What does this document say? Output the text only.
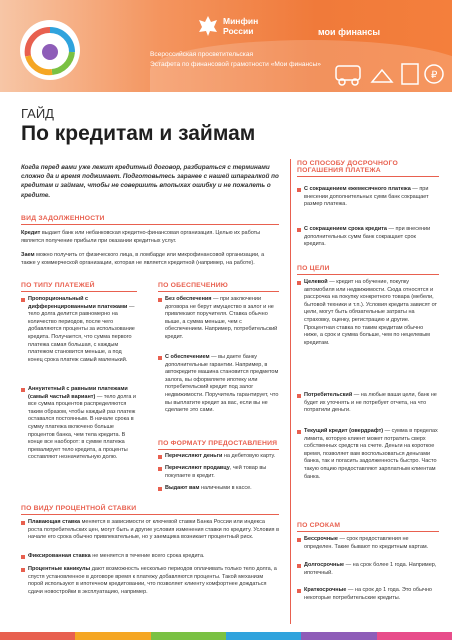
Минфин
России	мои финансы
Всероссийская просветительская
Эстафета по финансовой грамотности «Мои финансы»
₽
ГАЙД
По кредитам и займам
Когда перед вами уже лежит кредитный договор, разбираться с терминами сложно да и время поджимает. Подготовьтесь заранее с нашей шпаргалкой по кредитам и займам, чтобы не совершить впопыхах ошибку и не пожалеть о кредите.
ВИД ЗАДОЛЖЕННОСТИ
Кредит выдает банк или небанковская кредитно-финансовая организация. Целью их работы является получение прибыли при оказании кредитных услуг.
Заем можно получить от физического лица, в ломбарде или микрофинансовой организации, а также у коммерческой организации, которая не является кредитной (например, на работе).
ПО ТИПУ ПЛАТЕЖЕЙ
Пропорциональный с дифференцированными платежами — тело долга делится равномерно на количество периодов, после чего добавляются проценты за использование кредита. Получается, что сумма первого платежа самая большая, с каждым платежом становится меньше, а под конец срока платеж самый маленький.
Аннуитетный с равными платежами (самый частый вариант) — тело долга и все сумма процентов распределяются таким образом, чтобы каждый раз платеж оставался постоянным. В начале срока в сумму платежа включено больше процентов банка, чем тела кредита. В конце все наоборот: в сумме платежа превалирует тело кредита, а проценты составляют незначительную долю.
ПО ОБЕСПЕЧЕНИЮ
Без обеспечения — при заключении договора не берут имущество в залог и не привлекают поручителя. Ставка обычно выше, а сумма меньше, чем с обеспечением. Например, потребительский кредит.
С обеспечением — вы даете банку дополнительные гарантии. Например, в автокредите машина становится предметом залога, вы оформляете ипотеку или потребительский кредит под залог недвижимости. Поручитель гарантирует, что вы выплатите кредит за вас, если вы не сделаете это сами.
ПО ФОРМАТУ ПРЕДОСТАВЛЕНИЯ
Перечисляют деньги на дебетовую карту.
Перечисляют продавцу, чей товар вы покупаете в кредит.
Выдают вам наличными в кассе.
ПО ВИДУ ПРОЦЕНТНОЙ СТАВКИ
Плавающая ставка меняется в зависимости от ключевой ставки Банка России или индекса роста потребительских цен, могут быть и другие условия изменения ставки по кредиту. Условия в начале его срока обычно привлекательные, но у заемщика возникает процентный риск.
Фиксированная ставка не меняется в течение всего срока кредита.
Процентные каникулы дают возможность несколько периодов оплачивать только тело долга, а спустя установленное в договоре время к платежу добавляются проценты. Такой механизм порой используют в ипотечном кредитовании, что позволяет клиенту комфортнее дождаться сдачи новостройки в эксплуатацию, например.
ПО СПОСОБУ ДОСРОЧНОГО ПОГАШЕНИЯ ПЛАТЕЖА
С сокращением ежемесячного платежа — при внесении дополнительных сумм банк сокращает размер платежа.
С сокращением срока кредита — при внесении дополнительных сумм банк сокращает срок кредита.
ПО ЦЕЛИ
Целевой — кредит на обучение, покупку автомобиля или недвижимости. Сюда относятся и рассрочка на покупку конкретного товара (мебели, бытовой техники и т.п.). Условия кредита зависят от цели, могут быть обязательные затраты на страховку, оценку, регистрацию и другие. Процентная ставка по таким кредитам обычно ниже, а срок и сумма больше, чем по нецелевым кредитам.
Потребительский — на любые ваши цели, банк не будет их уточнять и не потребует отчета, на что потратили деньги.
Текущий кредит (овердрафт) — сумма в пределах лимита, которую клиент может потратить сверх собственных средств на счете. Деньги на короткое время, позволяет вам воспользоваться деньгами банка, так и погасить задолженность быстро. Часто такую опцию предоставляют зарплатным клиентам банка.
ПО СРОКАМ
Бессрочные — срок предоставления не определен. Такие бывают по кредитным картам.
Долгосрочные — на срок более 1 года. Например, ипотечный.
Краткосрочные — на срок до 1 года. Это обычно некоторые потребительские кредиты.
